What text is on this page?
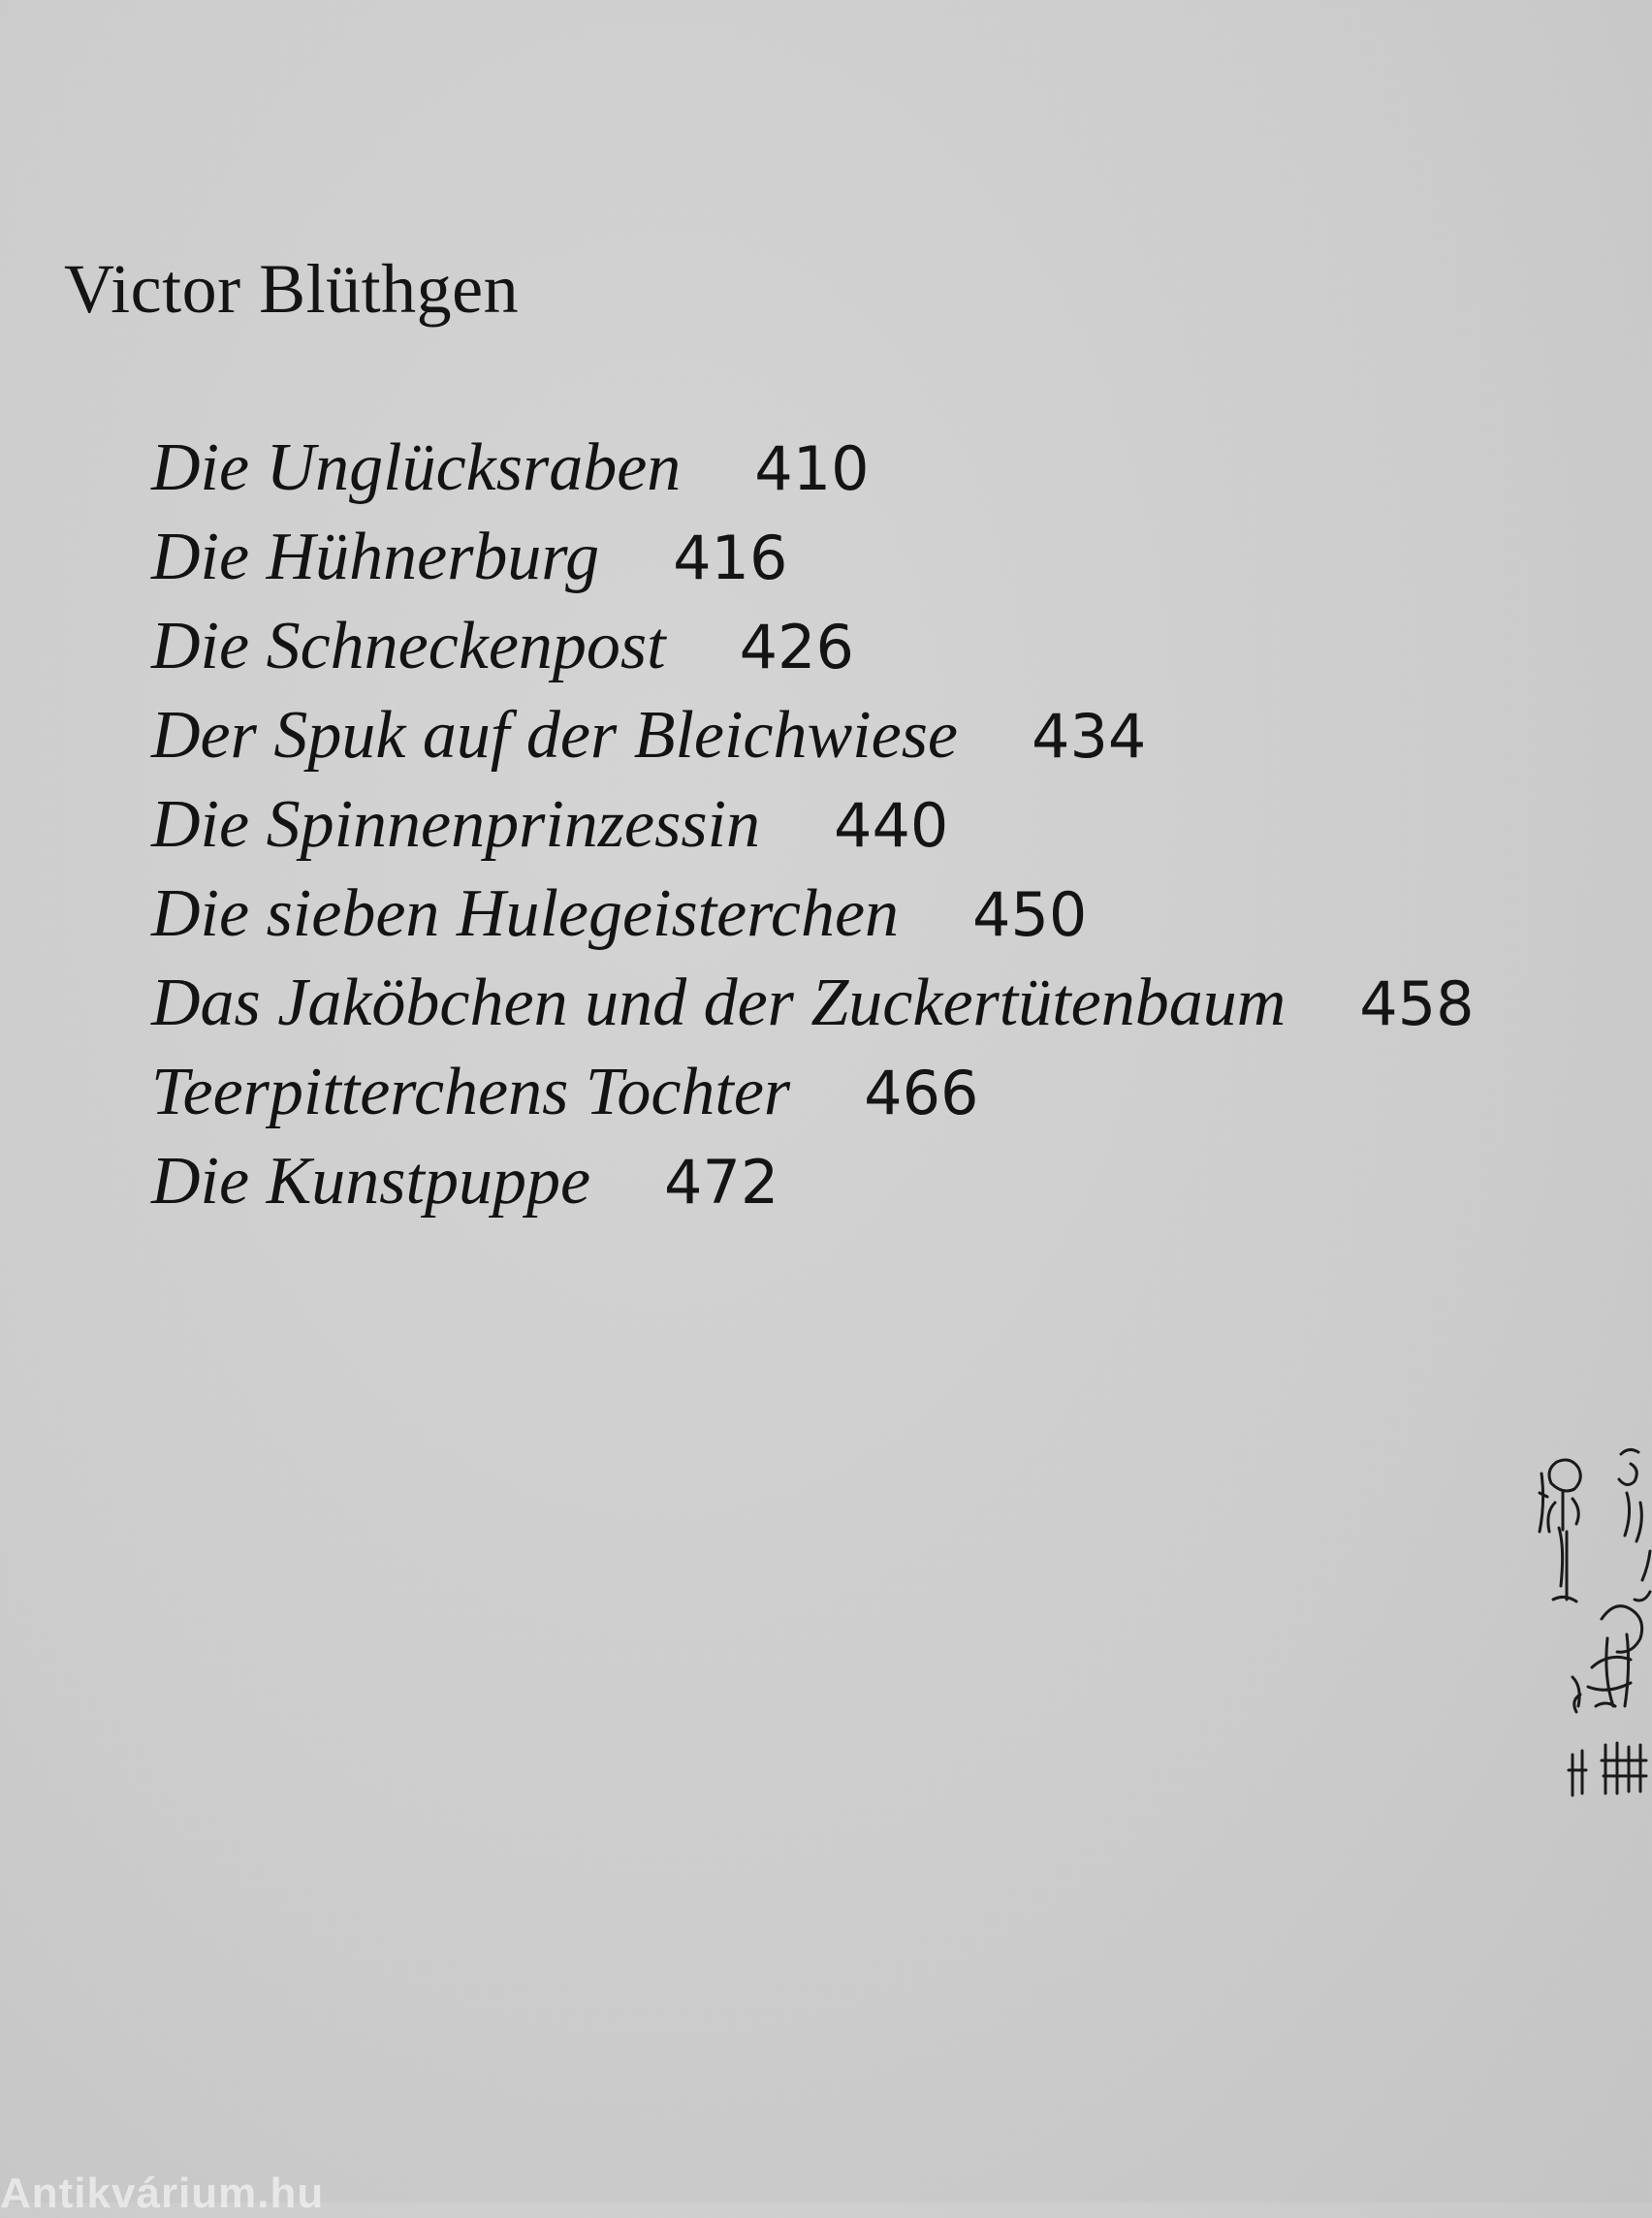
Victor Blüthgen
Die Unglücksraben 410
Die Hühnerburg 416
Die Schneckenpost 426
Der Spuk auf der Bleichwiese 434
Die Spinnenprinzessin 440
Die sieben Hulegeisterchen 450
Das Jaköbchen und der Zuckertütenbaum 458
Teerpitterchens Tochter 466
Die Kunstpuppe 472
Antikvárium.hu
